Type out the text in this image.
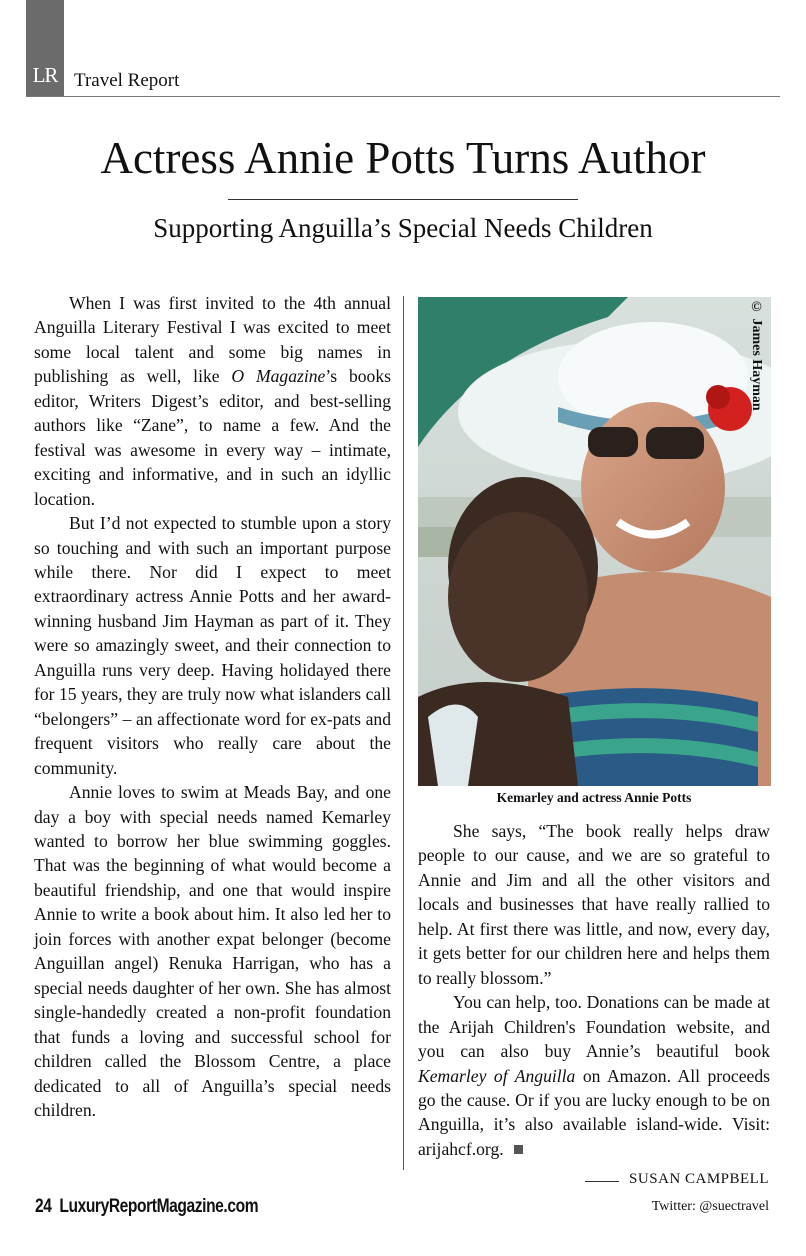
LR Travel Report
Actress Annie Potts Turns Author
Supporting Anguilla’s Special Needs Children

When I was first invited to the 4th annual Anguilla Literary Festival I was excited to meet some local talent and some big names in publishing as well, like O Magazine’s books editor, Writers Digest’s editor, and best-selling authors like “Zane”, to name a few. And the festival was awesome in every way – intimate, exciting and informative, and in such an idyllic location.

But I’d not expected to stumble upon a story so touching and with such an important purpose while there. Nor did I expect to meet extraordinary actress Annie Potts and her award-winning husband Jim Hayman as part of it. They were so amazingly sweet, and their connection to Anguilla runs very deep. Having holidayed there for 15 years, they are truly now what islanders call “belongers” – an affectionate word for ex-pats and frequent visitors who really care about the community.

Annie loves to swim at Meads Bay, and one day a boy with special needs named Kemarley wanted to borrow her blue swimming goggles. That was the beginning of what would become a beautiful friendship, and one that would inspire Annie to write a book about him. It also led her to join forces with another expat belonger (become Anguillan angel) Renuka Harrigan, who has a special needs daughter of her own. She has almost single-handedly created a non-profit foundation that funds a loving and successful school for children called the Blossom Centre, a place dedicated to all of Anguilla’s special needs children.

© James Hayman
Kemarley and actress Annie Potts

She says, “The book really helps draw people to our cause, and we are so grateful to Annie and Jim and all the other visitors and locals and businesses that have really rallied to help. At first there was little, and now, every day, it gets better for our children here and helps them to really blossom.”

You can help, too. Donations can be made at the Arijah Children's Foundation website, and you can also buy Annie’s beautiful book Kemarley of Anguilla on Amazon. All proceeds go the cause. Or if you are lucky enough to be on Anguilla, it’s also available island-wide. Visit: arijahcf.org.

SUSAN CAMPBELL
Twitter: @suectravel
24 LuxuryReportMagazine.com
